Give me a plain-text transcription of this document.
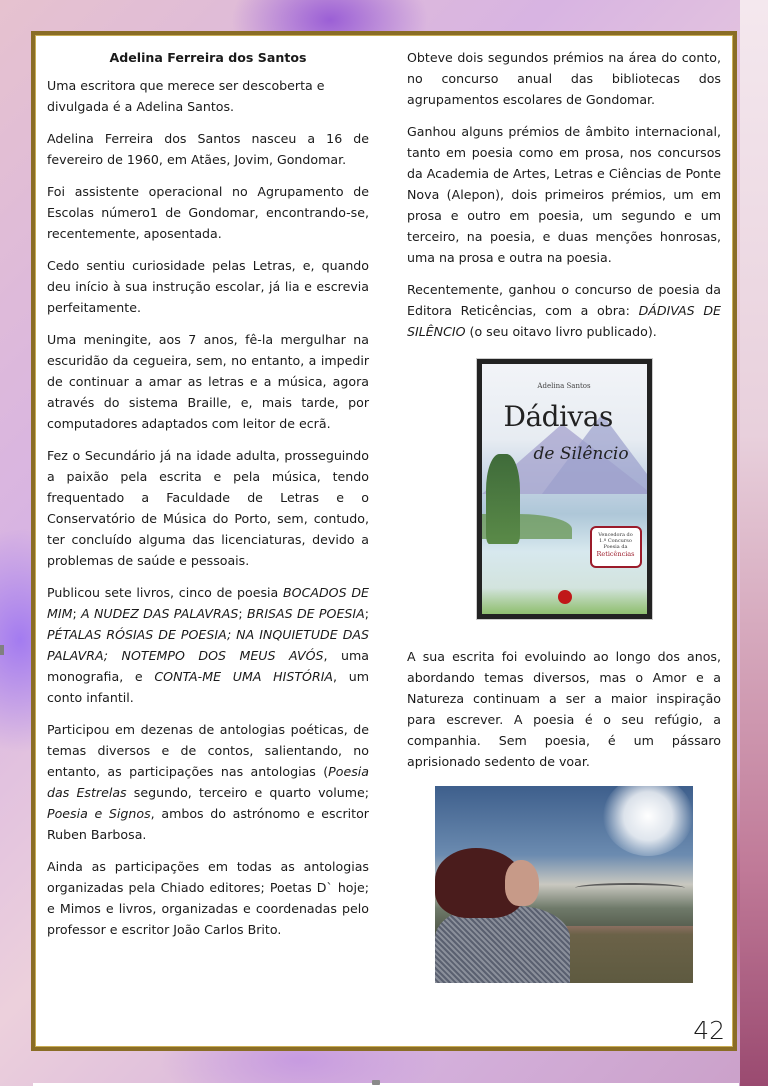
Adelina Ferreira dos Santos

Uma escritora que merece ser descoberta e divulgada é a Adelina Santos.

Adelina Ferreira dos Santos nasceu a 16 de fevereiro de 1960, em Atães, Jovim, Gondomar.

Foi assistente operacional no Agrupamento de Escolas número1 de Gondomar, encontrando-se, recentemente, aposentada.

Cedo sentiu curiosidade pelas Letras, e, quando deu início à sua instrução escolar, já lia e escrevia perfeitamente.

Uma meningite, aos 7 anos, fê-la mergulhar na escuridão da cegueira, sem, no entanto, a impedir de continuar a amar as letras e a música, agora através do sistema Braille, e, mais tarde, por computadores adaptados com leitor de ecrã.

Fez o Secundário já na idade adulta, prosseguindo a paixão pela escrita e pela música, tendo frequentado a Faculdade de Letras e o Conservatório de Música do Porto, sem, contudo, ter concluído alguma das licenciaturas, devido a problemas de saúde e pessoais.

Publicou sete livros, cinco de poesia BOCADOS DE MIM; A NUDEZ DAS PALAVRAS; BRISAS DE POESIA; PÉTALAS RÓSIAS DE POESIA; NA INQUIETUDE DAS PALAVRA; NOTEMPO DOS MEUS AVÓS, uma monografia, e CONTA-ME UMA HISTÓRIA, um conto infantil.

Participou em dezenas de antologias poéticas, de temas diversos e de contos, salientando, no entanto, as participações nas antologias (Poesia das Estrelas segundo, terceiro e quarto volume; Poesia e Signos, ambos do astrónomo e escritor Ruben Barbosa.

Ainda as participações em todas as antologias organizadas pela Chiado editores; Poetas D` hoje; e Mimos e livros, organizadas e coordenadas pelo professor e escritor João Carlos Brito.

Obteve dois segundos prémios na área do conto, no concurso anual das bibliotecas dos agrupamentos escolares de Gondomar.

Ganhou alguns prémios de âmbito internacional, tanto em poesia como em prosa, nos concursos da Academia de Artes, Letras e Ciências de Ponte Nova (Alepon), dois primeiros prémios, um em prosa e outro em poesia, um segundo e um terceiro, na poesia, e duas menções honrosas, uma na prosa e outra na poesia.

Recentemente, ganhou o concurso de poesia da Editora Reticências, com a obra: DÁDIVAS DE SILÊNCIO (o seu oitavo livro publicado).

Adelina Santos
Dádivas
de Silêncio
Vencedora do
1.º Concurso
Poesia da
Reticências

A sua escrita foi evoluindo ao longo dos anos, abordando temas diversos, mas o Amor e a Natureza continuam a ser a maior inspiração para escrever. A poesia é o seu refúgio, a companhia. Sem poesia, é um pássaro aprisionado sedento de voar.

42
